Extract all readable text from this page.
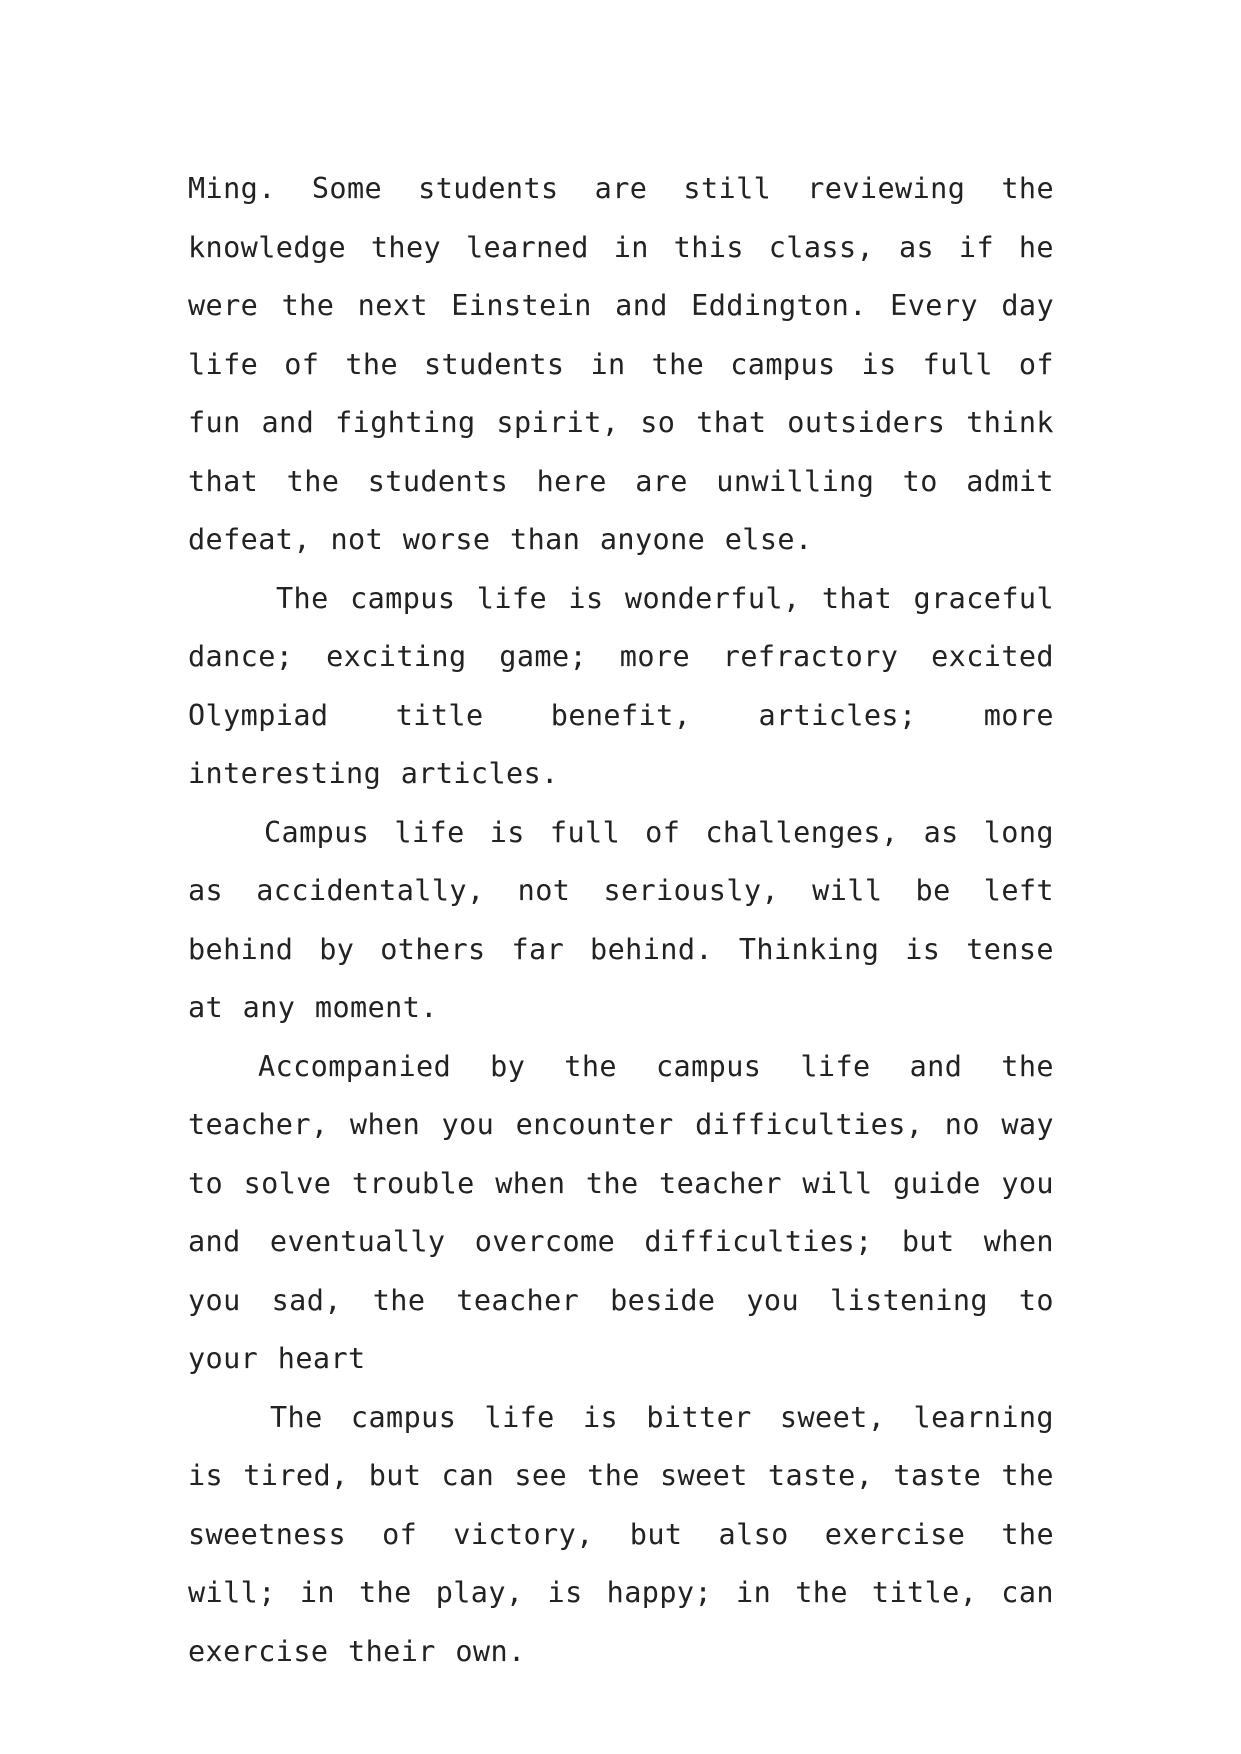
Ming. Some students are still reviewing the knowledge they learned in this class, as if he were the next Einstein and Eddington. Every day life of the students in the campus is full of fun and fighting spirit, so that outsiders think that the students here are unwilling to admit defeat, not worse than anyone else.

The campus life is wonderful, that graceful dance; exciting game; more refractory excited Olympiad title benefit, articles; more interesting articles.

Campus life is full of challenges, as long as accidentally, not seriously, will be left behind by others far behind. Thinking is tense at any moment.

Accompanied by the campus life and the teacher, when you encounter difficulties, no way to solve trouble when the teacher will guide you and eventually overcome difficulties; but when you sad, the teacher beside you listening to your heart

The campus life is bitter sweet, learning is tired, but can see the sweet taste, taste the sweetness of victory, but also exercise the will; in the play, is happy; in the title, can exercise their own.
